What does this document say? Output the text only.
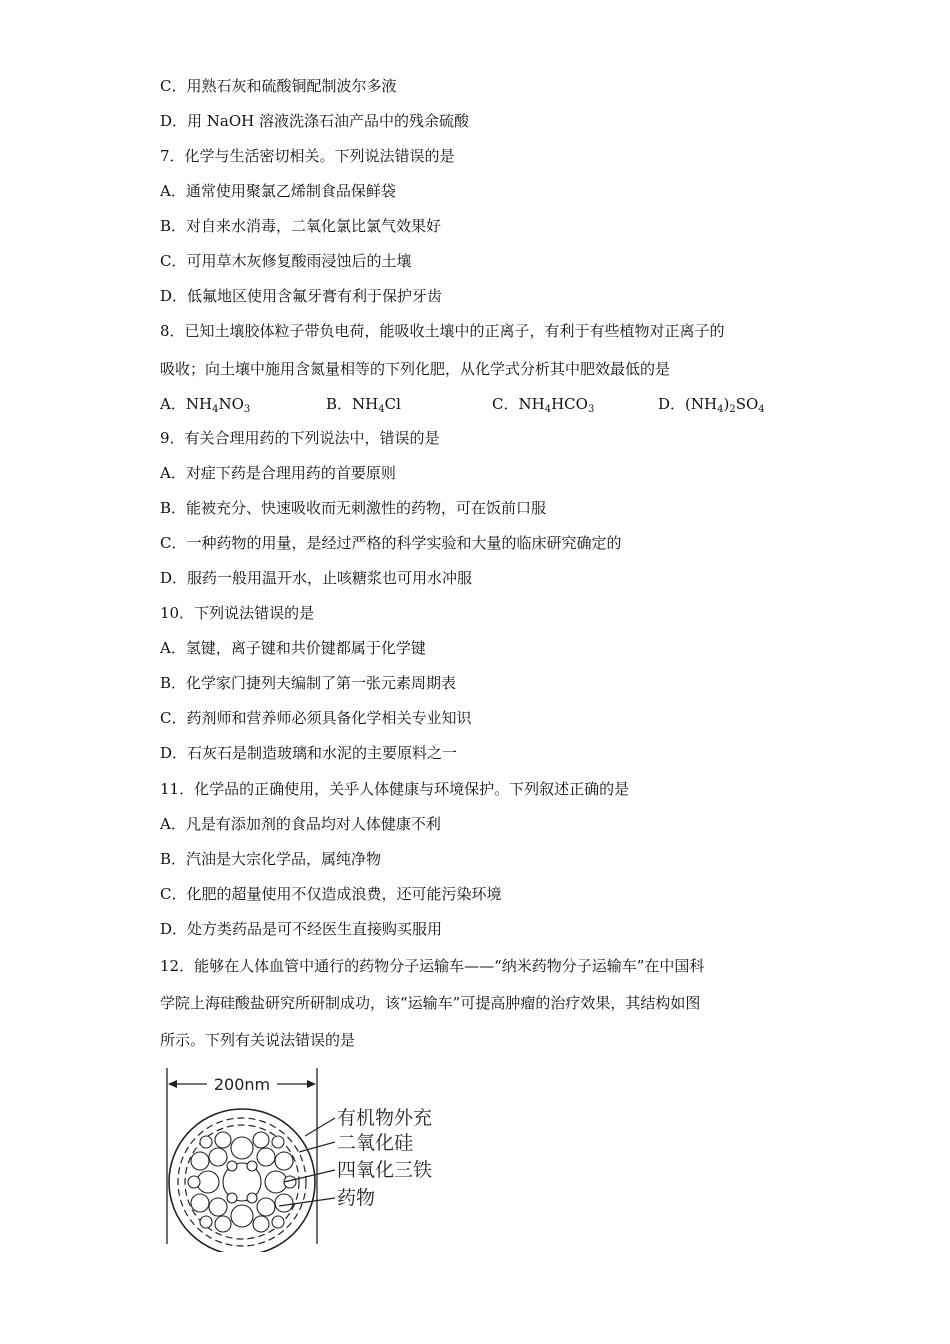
C．用熟石灰和硫酸铜配制波尔多液
D．用 NaOH 溶液洗涤石油产品中的残余硫酸
7．化学与生活密切相关。下列说法错误的是
A．通常使用聚氯乙烯制食品保鲜袋
B．对自来水消毒，二氧化氯比氯气效果好
C．可用草木灰修复酸雨浸蚀后的土壤
D．低氟地区使用含氟牙膏有利于保护牙齿
8．已知土壤胶体粒子带负电荷，能吸收土壤中的正离子，有利于有些植物对正离子的
吸收；向土壤中施用含氮量相等的下列化肥，从化学式分析其中肥效最低的是
A．$NH_4NO_3$	B．$NH_4Cl$	C．$NH_4HCO_3$	D．$(NH_4)_2SO_4$
9．有关合理用药的下列说法中，错误的是
A．对症下药是合理用药的首要原则
B．能被充分、快速吸收而无刺激性的药物，可在饭前口服
C．一种药物的用量，是经过严格的科学实验和大量的临床研究确定的
D．服药一般用温开水，止咳糖浆也可用水冲服
10．下列说法错误的是
A．氢键，离子键和共价键都属于化学键
B．化学家门捷列夫编制了第一张元素周期表
C．药剂师和营养师必须具备化学相关专业知识
D．石灰石是制造玻璃和水泥的主要原料之一
11．化学品的正确使用，关乎人体健康与环境保护。下列叙述正确的是
A．凡是有添加剂的食品均对人体健康不利
B．汽油是大宗化学品，属纯净物
C．化肥的超量使用不仅造成浪费，还可能污染环境
D．处方类药品是可不经医生直接购买服用
12．能够在人体血管中通行的药物分子运输车——“纳米药物分子运输车”在中国科
学院上海硅酸盐研究所研制成功，该“运输车”可提高肿瘤的治疗效果，其结构如图
所示。下列有关说法错误的是
200nm
有机物外充
二氧化硅
四氧化三铁
药物
